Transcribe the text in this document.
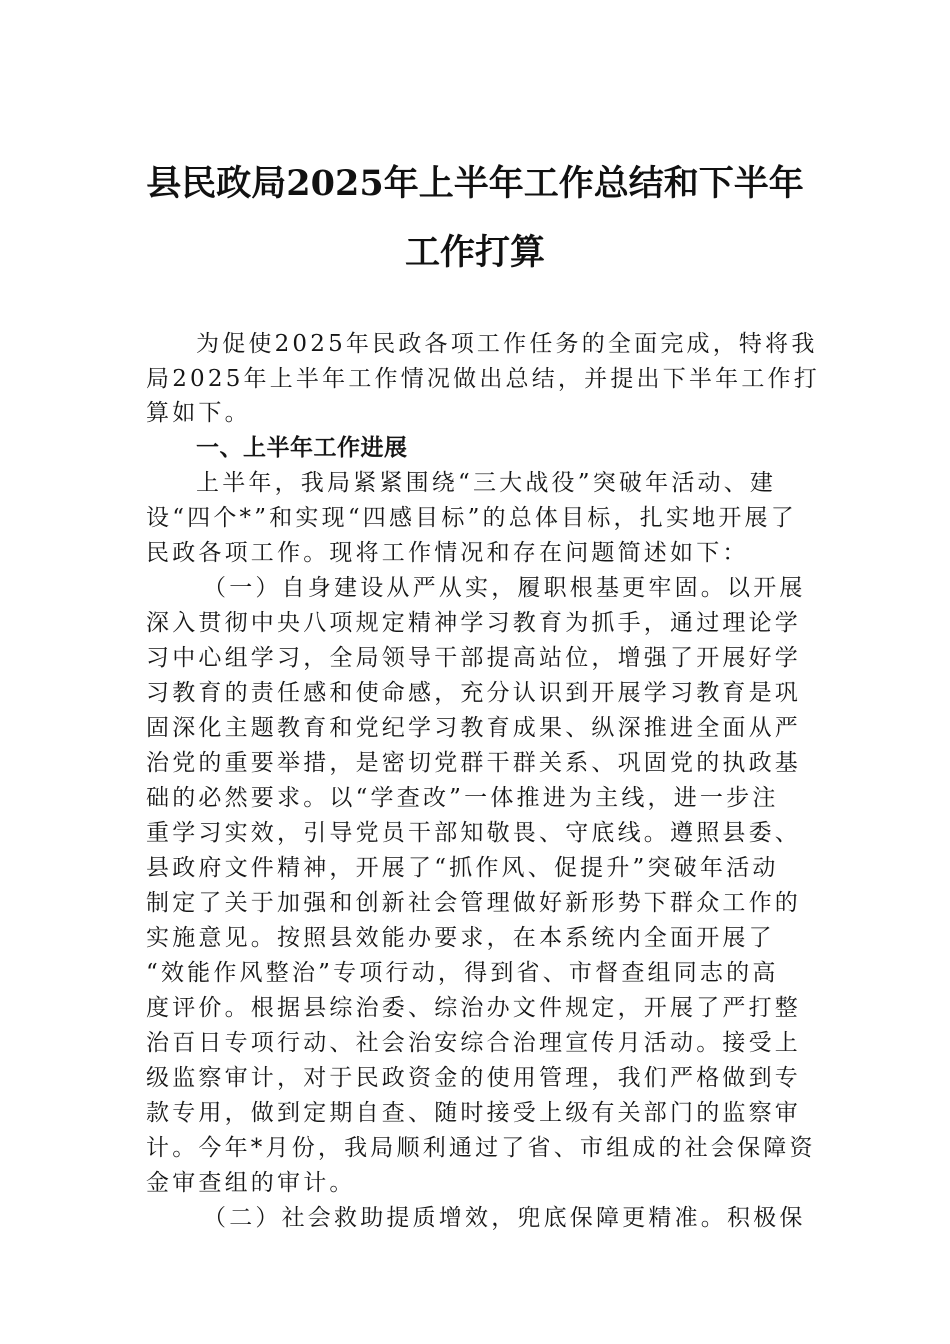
县民政局2025年上半年工作总结和下半年
工作打算
为促使2025年民政各项工作任务的全面完成，特将我
局2025年上半年工作情况做出总结，并提出下半年工作打
算如下。
一、上半年工作进展
上半年，我局紧紧围绕“三大战役”突破年活动、建
设“四个*”和实现“四感目标”的总体目标，扎实地开展了
民政各项工作。现将工作情况和存在问题简述如下：
（一）自身建设从严从实，履职根基更牢固。以开展
深入贯彻中央八项规定精神学习教育为抓手，通过理论学
习中心组学习，全局领导干部提高站位，增强了开展好学
习教育的责任感和使命感，充分认识到开展学习教育是巩
固深化主题教育和党纪学习教育成果、纵深推进全面从严
治党的重要举措，是密切党群干群关系、巩固党的执政基
础的必然要求。以“学查改”一体推进为主线，进一步注
重学习实效，引导党员干部知敬畏、守底线。遵照县委、
县政府文件精神，开展了“抓作风、促提升”突破年活动
制定了关于加强和创新社会管理做好新形势下群众工作的
实施意见。按照县效能办要求，在本系统内全面开展了
“效能作风整治”专项行动，得到省、市督查组同志的高
度评价。根据县综治委、综治办文件规定，开展了严打整
治百日专项行动、社会治安综合治理宣传月活动。接受上
级监察审计，对于民政资金的使用管理，我们严格做到专
款专用，做到定期自查、随时接受上级有关部门的监察审
计。今年*月份，我局顺利通过了省、市组成的社会保障资
金审查组的审计。
（二）社会救助提质增效，兜底保障更精准。积极保
